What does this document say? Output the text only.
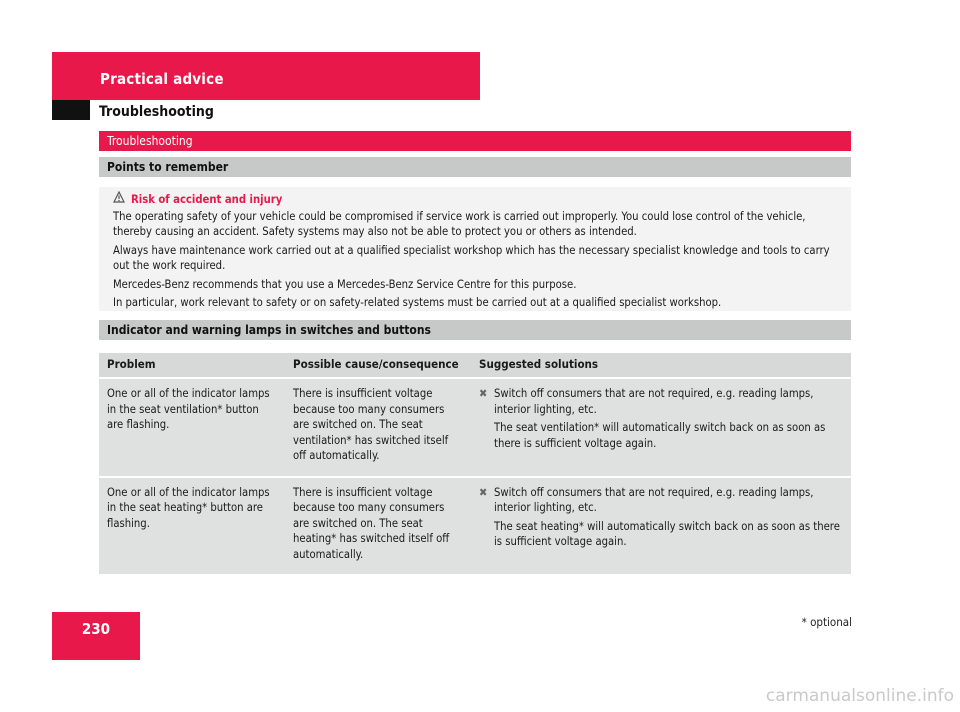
Practical advice
Troubleshooting
Troubleshooting
Points to remember
Risk of accident and injury

The operating safety of your vehicle could be compromised if service work is carried out improperly. You could lose control of the vehicle, thereby causing an accident. Safety systems may also not be able to protect you or others as intended.

Always have maintenance work carried out at a qualified specialist workshop which has the necessary specialist knowledge and tools to carry out the work required.

Mercedes-Benz recommends that you use a Mercedes-Benz Service Centre for this purpose.

In particular, work relevant to safety or on safety-related systems must be carried out at a qualified specialist workshop.

Indicator and warning lamps in switches and buttons
Problem	Possible cause/consequence	Suggested solutions
One or all of the indicator lamps in the seat ventilation* button are flashing.	There is insufficient voltage because too many consumers are switched on. The seat ventilation* has switched itself off automatically.	✖ Switch off consumers that are not required, e.g. reading lamps, interior lighting, etc.

The seat ventilation* will automatically switch back on as soon as there is sufficient voltage again.

One or all of the indicator lamps in the seat heating* button are flashing.	There is insufficient voltage because too many consumers are switched on. The seat heating* has switched itself off automatically.	✖ Switch off consumers that are not required, e.g. reading lamps, interior lighting, etc.

The seat heating* will automatically switch back on as soon as there is sufficient voltage again.

230	* optional
carmanualsonline.info
